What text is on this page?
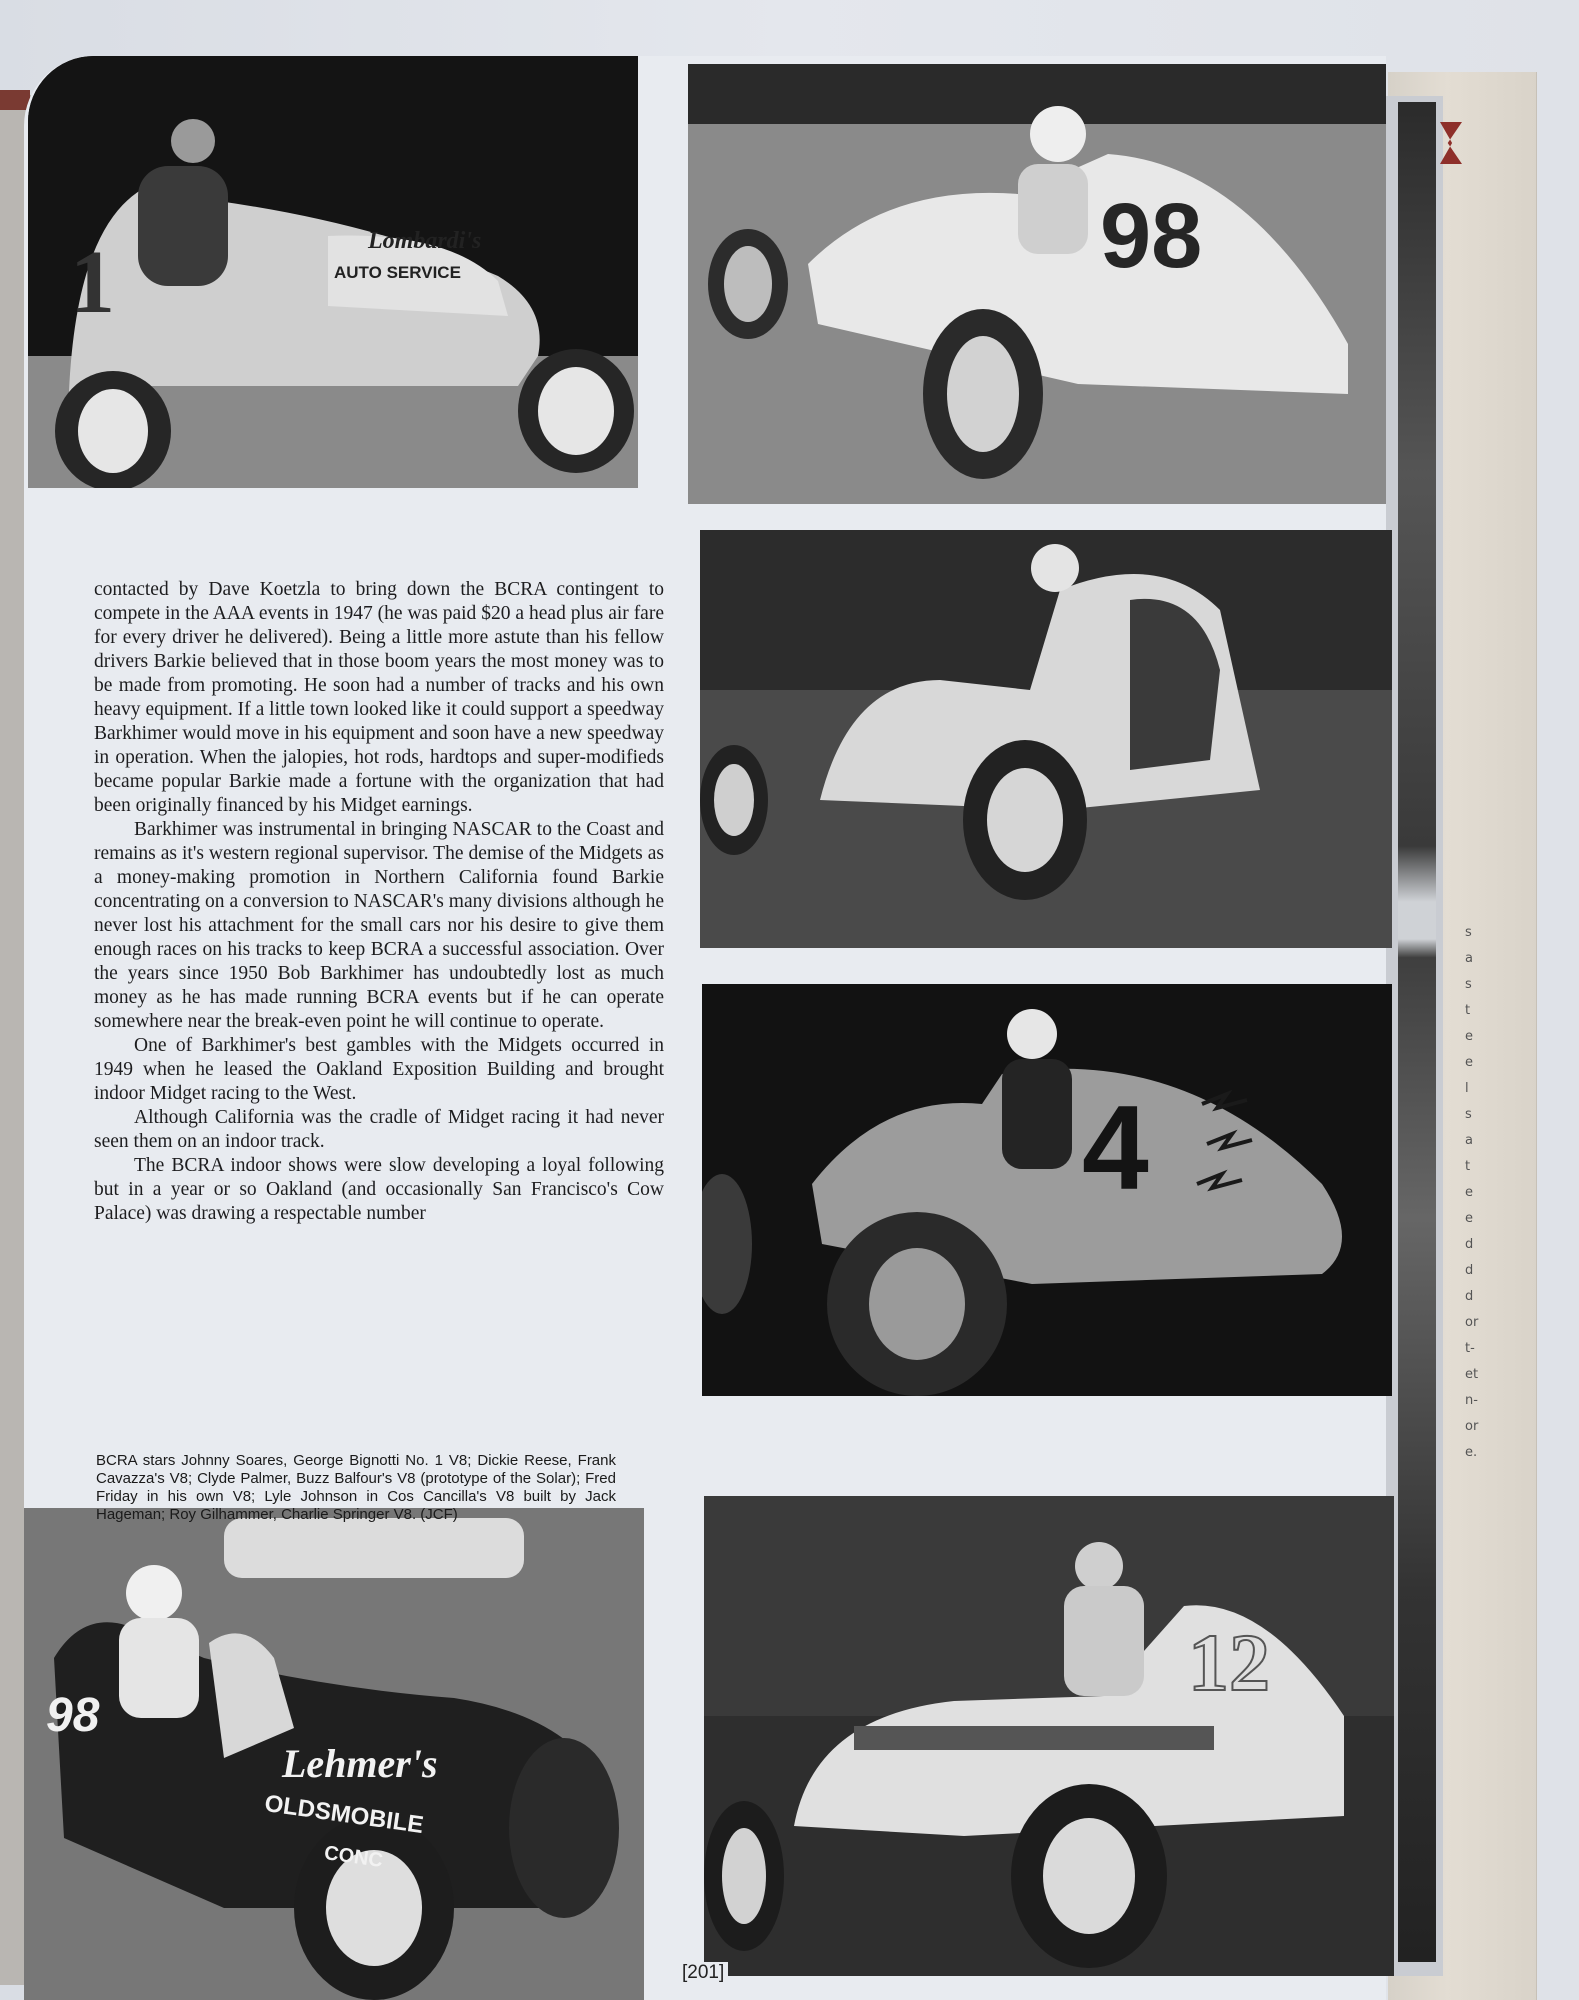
s
a
s
t
e
e
l
s
a
t
e
e
d
d
d
or
t-
et
n-
or
e.
1	Lombardi's
AUTO SERVICE	98
4
98
Lehmer's
OLDSMOBILE
CONC
12

contacted by Dave Koetzla to bring down the BCRA contingent to compete in the AAA events in 1947 (he was paid $20 a head plus air fare for every driver he delivered). Being a little more astute than his fellow drivers Barkie believed that in those boom years the most money was to be made from promoting. He soon had a number of tracks and his own heavy equipment. If a little town looked like it could support a speedway Barkhimer would move in his equipment and soon have a new speedway in operation. When the jalopies, hot rods, hardtops and super-modifieds became popular Barkie made a fortune with the organization that had been originally financed by his Midget earnings.

Barkhimer was instrumental in bringing NASCAR to the Coast and remains as it's western regional supervisor. The demise of the Midgets as a money-making promotion in Northern California found Barkie concentrating on a conversion to NASCAR's many divisions although he never lost his attachment for the small cars nor his desire to give them enough races on his tracks to keep BCRA a successful association. Over the years since 1950 Bob Barkhimer has undoubtedly lost as much money as he has made running BCRA events but if he can operate somewhere near the break-even point he will continue to operate.

One of Barkhimer's best gambles with the Midgets occurred in 1949 when he leased the Oakland Exposition Building and brought indoor Midget racing to the West.

Although California was the cradle of Midget racing it had never seen them on an indoor track.

The BCRA indoor shows were slow developing a loyal following but in a year or so Oakland (and occasionally San Francisco's Cow Palace) was drawing a respectable number

BCRA stars Johnny Soares, George Bignotti No. 1 V8; Dickie Reese, Frank Cavazza's V8; Clyde Palmer, Buzz Balfour's V8 (prototype of the Solar); Fred Friday in his own V8; Lyle Johnson in Cos Cancilla's V8 built by Jack Hageman; Roy Gilhammer, Charlie Springer V8. (JCF)
[201]
